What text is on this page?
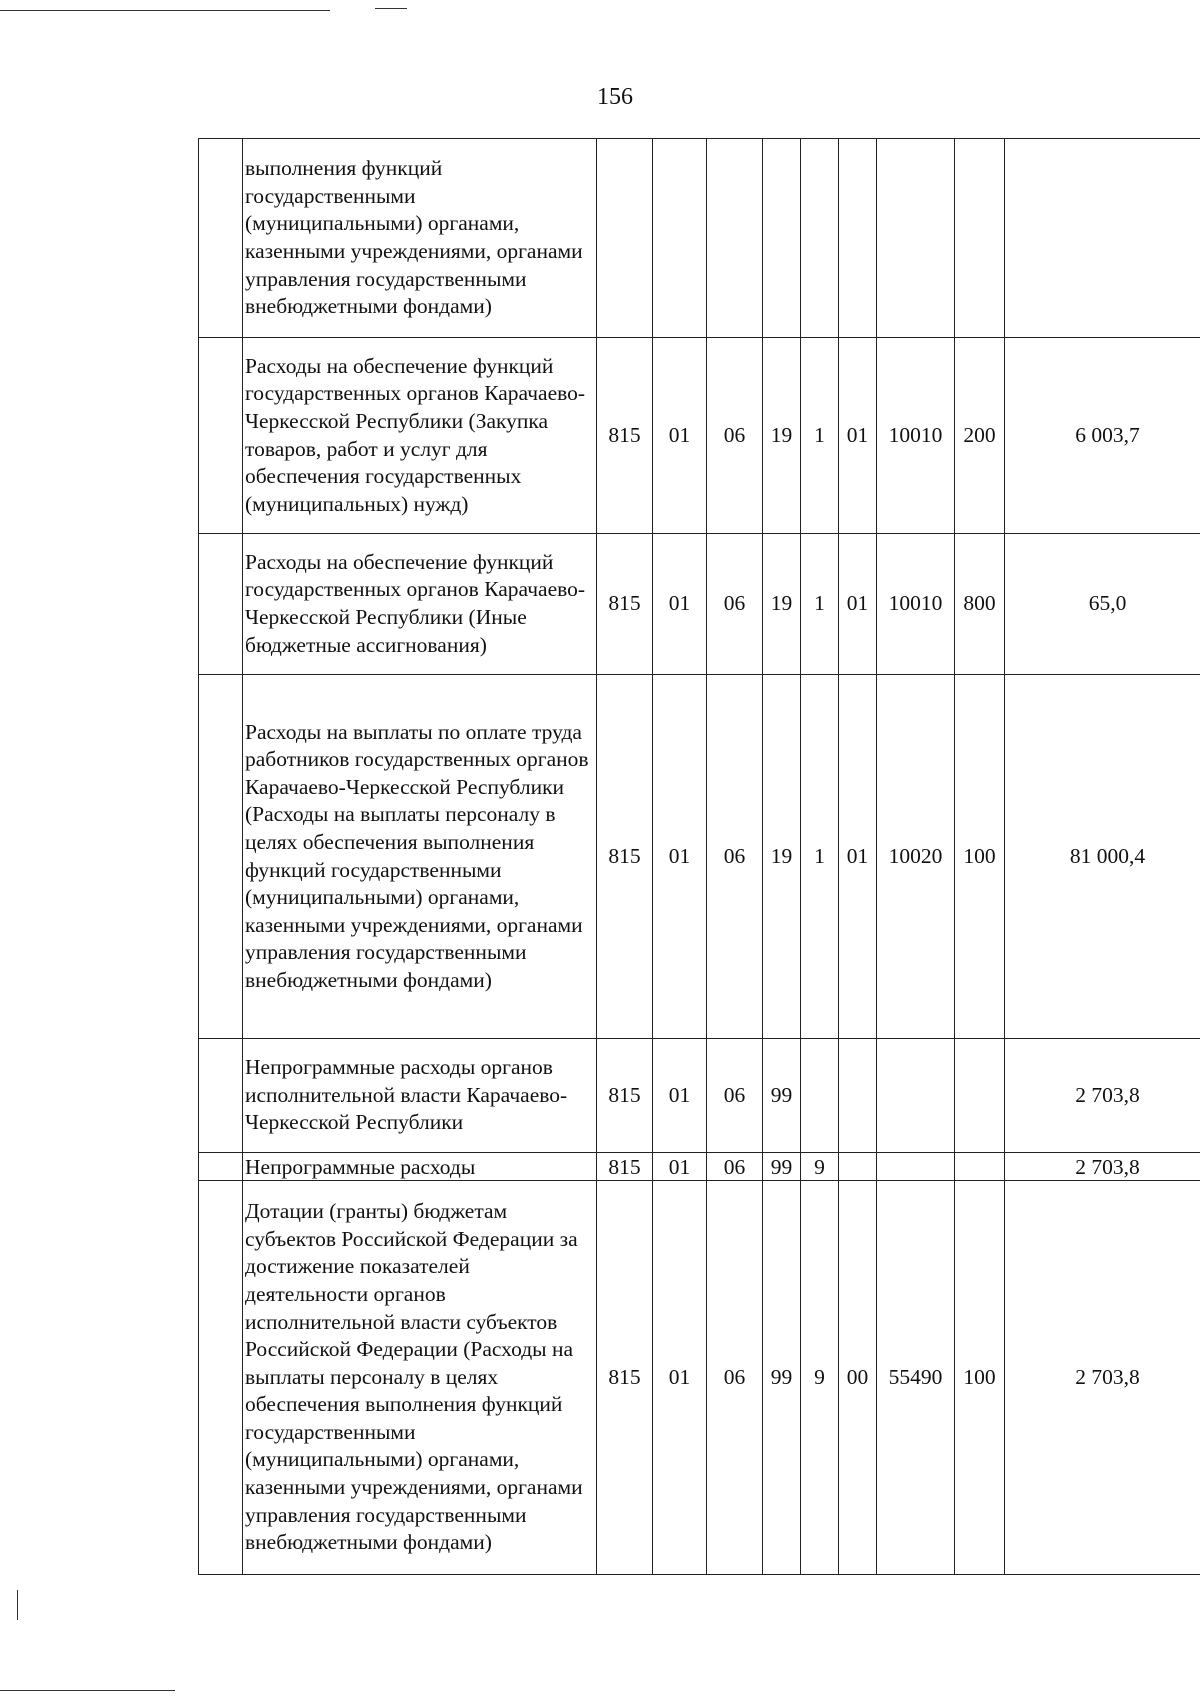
156
	выполнения функций государственными (муниципальными) органами, казенными учреждениями, органами управления государственными внебюджетными фондами)									
	Расходы на обеспечение функций государственных органов Карачаево-Черкесской Республики (Закупка товаров, работ и услуг для обеспечения государственных (муниципальных) нужд)	815	01	06	19	1	01	10010	200	6 003,7
	Расходы на обеспечение функций государственных органов Карачаево-Черкесской Республики (Иные бюджетные ассигнования)	815	01	06	19	1	01	10010	800	65,0
	Расходы на выплаты по оплате труда работников государственных органов Карачаево-Черкесской Республики (Расходы на выплаты персоналу в целях обеспечения выполнения функций государственными (муниципальными) органами, казенными учреждениями, органами управления государственными внебюджетными фондами)	815	01	06	19	1	01	10020	100	81 000,4
	Непрограммные расходы органов исполнительной власти Карачаево-Черкесской Республики	815	01	06	99					2 703,8
	Непрограммные расходы	815	01	06	99	9				2 703,8
	Дотации (гранты) бюджетам субъектов Российской Федерации за достижение показателей деятельности органов исполнительной власти субъектов Российской Федерации (Расходы на выплаты персоналу в целях обеспечения выполнения функций государственными (муниципальными) органами, казенными учреждениями, органами управления государственными внебюджетными фондами)	815	01	06	99	9	00	55490	100	2 703,8
